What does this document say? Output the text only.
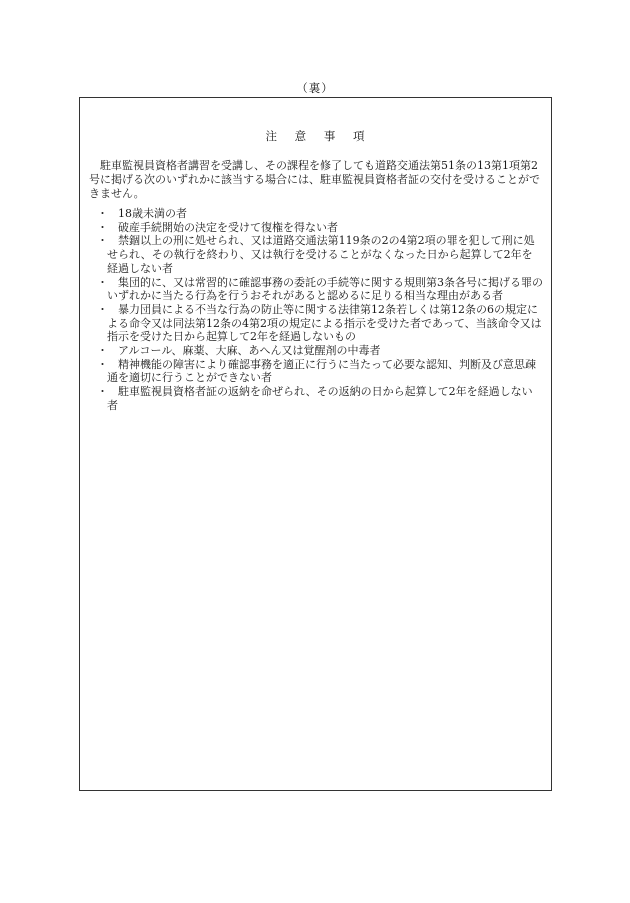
（裏）
注 意 事 項
駐車監視員資格者講習を受講し、その課程を修了しても道路交通法第51条の13第1項第2号に掲げる次のいずれかに該当する場合には、駐車監視員資格者証の交付を受けることができません。
・ 18歳未満の者
・ 破産手続開始の決定を受けて復権を得ない者
・ 禁錮以上の刑に処せられ、又は道路交通法第119条の2の4第2項の罪を犯して刑に処せられ、その執行を終わり、又は執行を受けることがなくなった日から起算して2年を経過しない者
・ 集団的に、又は常習的に確認事務の委託の手続等に関する規則第3条各号に掲げる罪のいずれかに当たる行為を行うおそれがあると認めるに足りる相当な理由がある者
・ 暴力団員による不当な行為の防止等に関する法律第12条若しくは第12条の6の規定による命令又は同法第12条の4第2項の規定による指示を受けた者であって、当該命令又は指示を受けた日から起算して2年を経過しないもの
・ アルコール、麻薬、大麻、あへん又は覚醒剤の中毒者
・ 精神機能の障害により確認事務を適正に行うに当たって必要な認知、判断及び意思疎通を適切に行うことができない者
・ 駐車監視員資格者証の返納を命ぜられ、その返納の日から起算して2年を経過しない者
